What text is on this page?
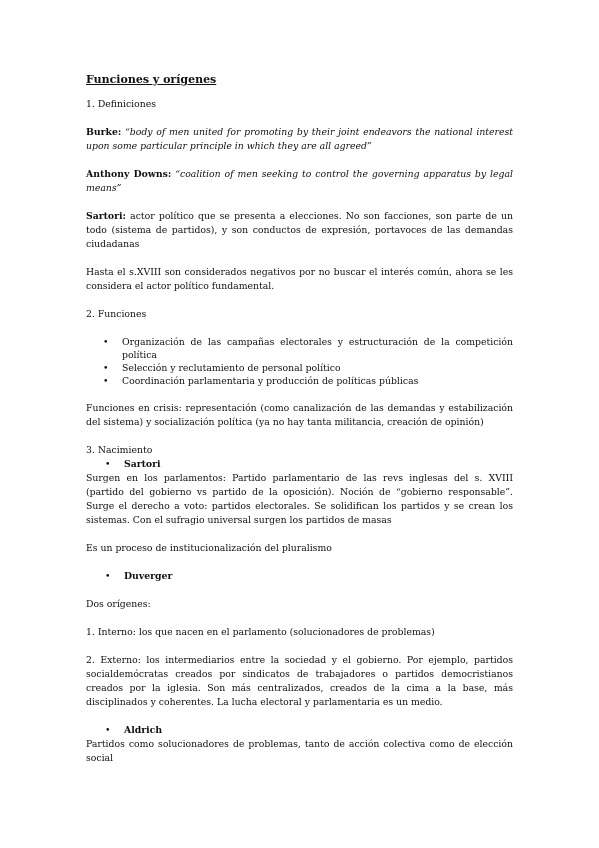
Funciones y orígenes

1. Definiciones

Burke: “body of men united for promoting by their joint endeavors the national interest upon some particular principle in which they are all agreed”

Anthony Downs: “coalition of men seeking to control the governing apparatus by legal means”

Sartori: actor político que se presenta a elecciones. No son facciones, son parte de un todo (sistema de partidos), y son conductos de expresión, portavoces de las demandas ciudadanas

Hasta el s.XVIII son considerados negativos por no buscar el interés común, ahora se les considera el actor político fundamental.

2. Funciones

• Organización de las campañas electorales y estructuración de la competición política
• Selección y reclutamiento de personal político
• Coordinación parlamentaria y producción de políticas públicas

Funciones en crisis: representación (como canalización de las demandas y estabilización del sistema) y socialización política (ya no hay tanta militancia, creación de opinión)

3. Nacimiento

• Sartori

Surgen en los parlamentos: Partido parlamentario de las revs inglesas del s. XVIII (partido del gobierno vs partido de la oposición). Noción de “gobierno responsable”. Surge el derecho a voto: partidos electorales. Se solidifican los partidos y se crean los sistemas. Con el sufragio universal surgen los partidos de masas

Es un proceso de institucionalización del pluralismo

• Duverger

Dos orígenes:

1. Interno: los que nacen en el parlamento (solucionadores de problemas)

2. Externo: los intermediarios entre la sociedad y el gobierno. Por ejemplo, partidos socialdemócratas creados por sindicatos de trabajadores o partidos democristianos creados por la iglesia. Son más centralizados, creados de la cima a la base, más disciplinados y coherentes. La lucha electoral y parlamentaria es un medio.

• Aldrich

Partidos como solucionadores de problemas, tanto de acción colectiva como de elección social
